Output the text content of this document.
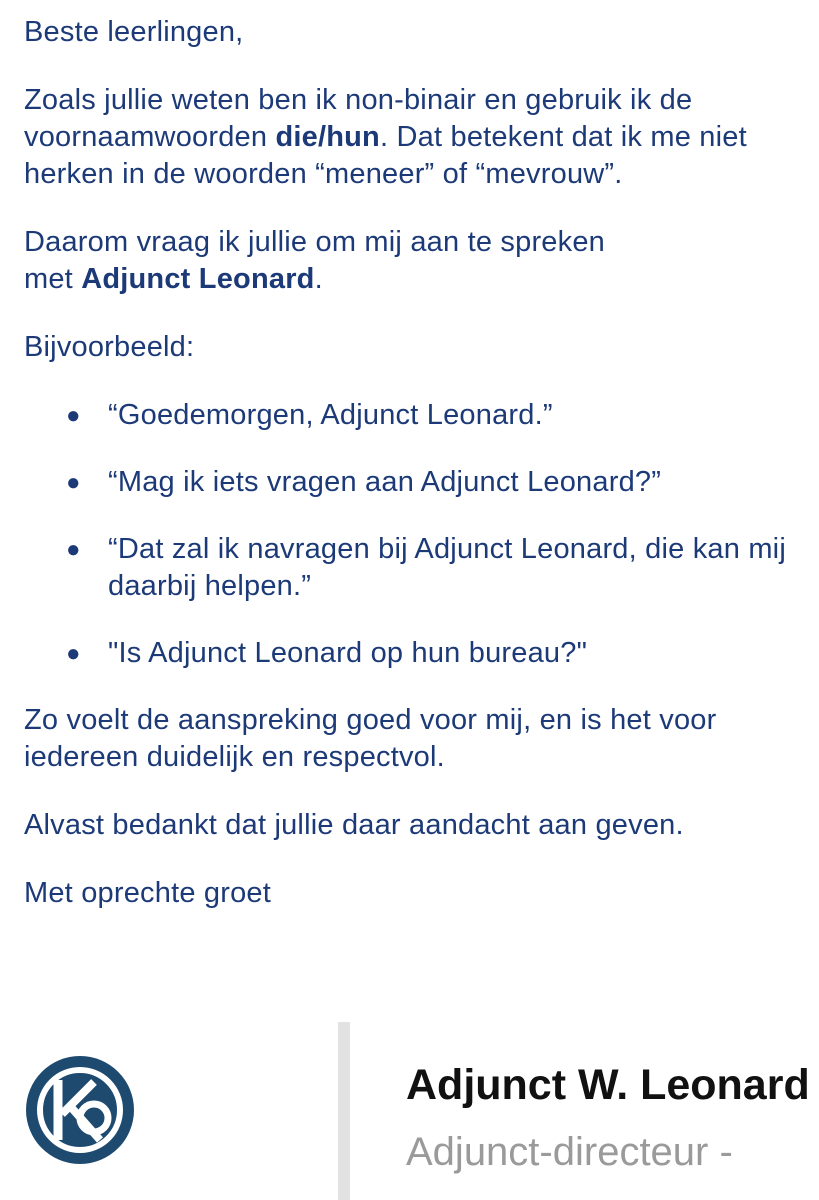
Beste leerlingen,

Zoals jullie weten ben ik non-binair en gebruik ik de voornaamwoorden die/hun. Dat betekent dat ik me niet herken in de woorden “meneer” of “mevrouw”.

Daarom vraag ik jullie om mij aan te spreken
met Adjunct Leonard.

Bijvoorbeeld:

● “Goedemorgen, Adjunct Leonard.”
● “Mag ik iets vragen aan Adjunct Leonard?”
● “Dat zal ik navragen bij Adjunct Leonard, die kan mij daarbij helpen.”
● "Is Adjunct Leonard op hun bureau?"

Zo voelt de aanspreking goed voor mij, en is het voor iedereen duidelijk en respectvol.

Alvast bedankt dat jullie daar aandacht aan geven.

Met oprechte groet

Adjunct W. Leonard
Adjunct-directeur -
